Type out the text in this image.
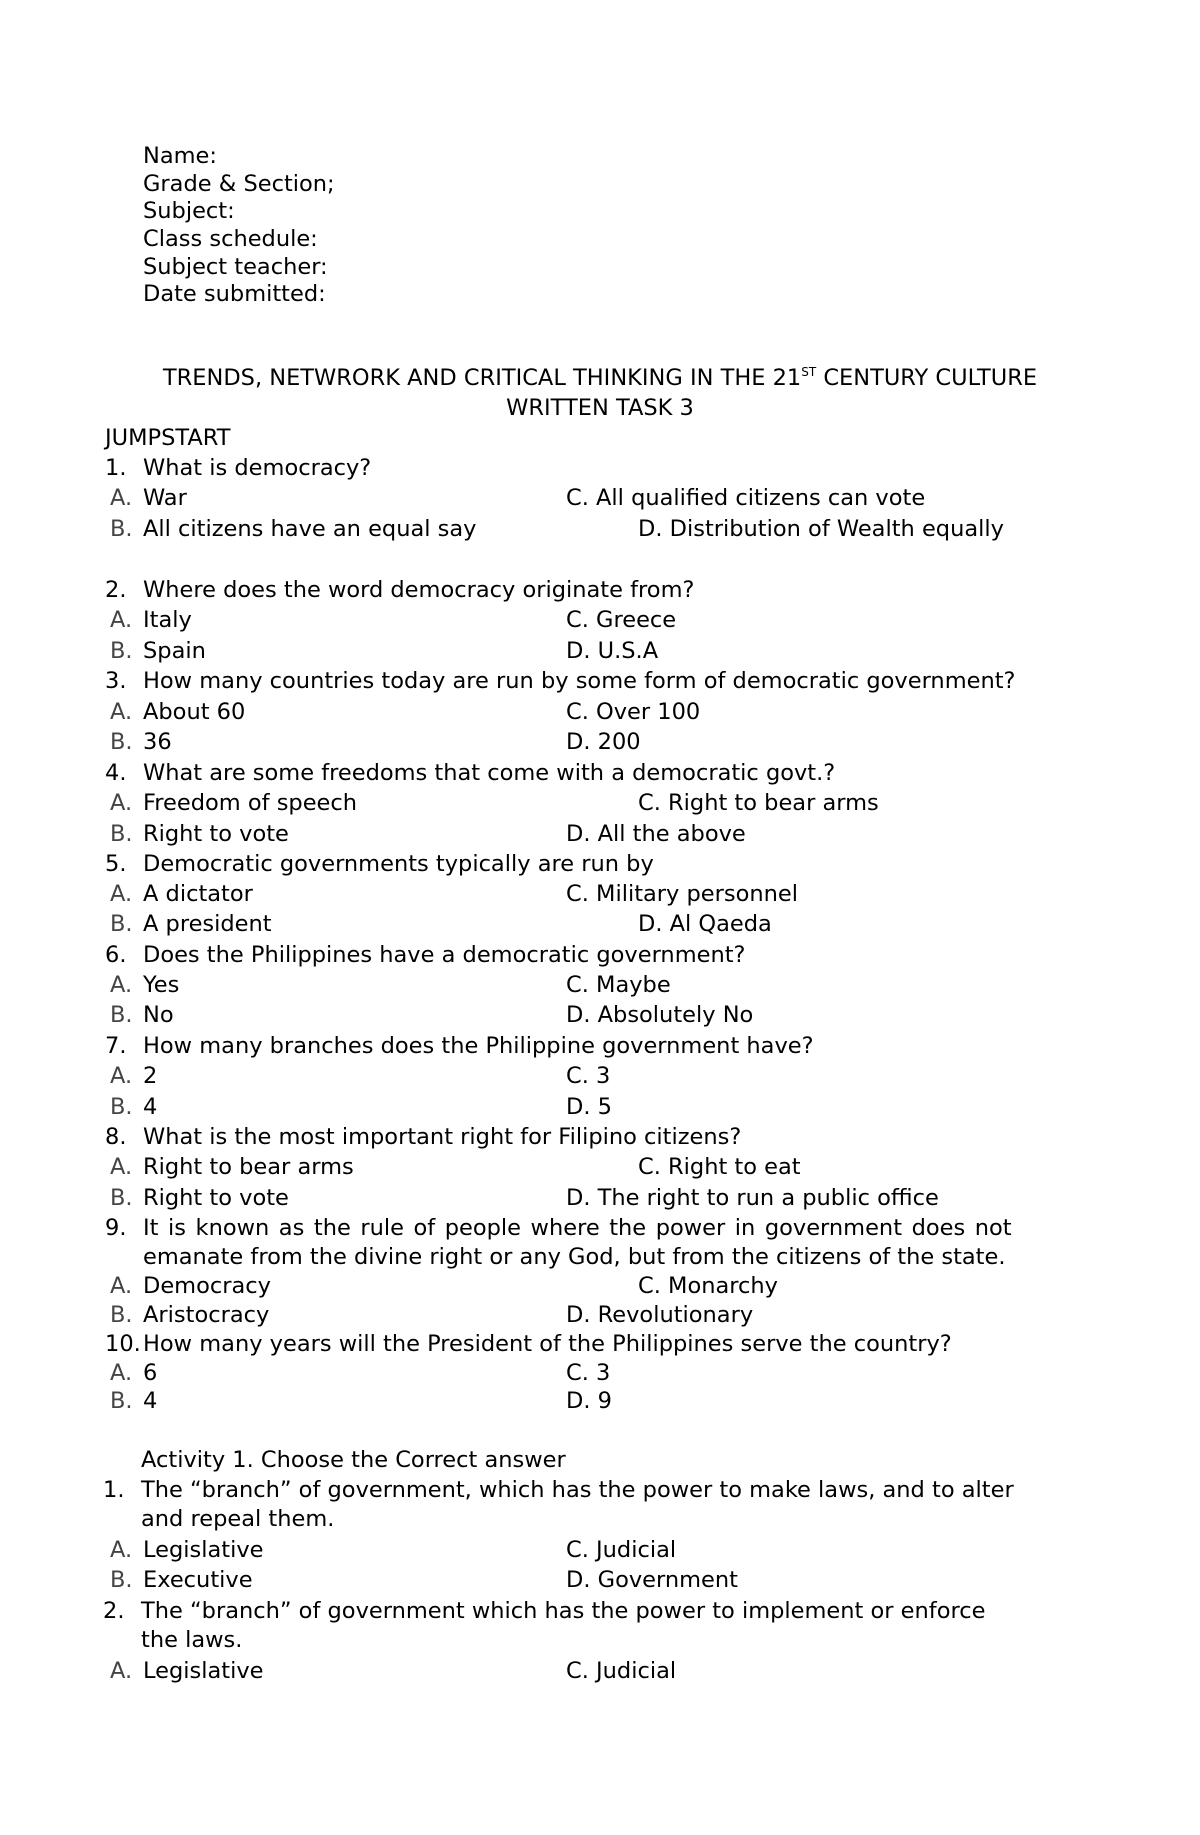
Name:
Grade & Section;
Subject:
Class schedule:
Subject teacher:
Date submitted:
TRENDS, NETWRORK AND CRITICAL THINKING IN THE 21ST CENTURY CULTURE
WRITTEN TASK 3
JUMPSTART
1. What is democracy?
A. War	C. All qualified citizens can vote
B. All citizens have an equal say	D. Distribution of Wealth equally
2. Where does the word democracy originate from?
A. Italy	C. Greece
B. Spain	D. U.S.A
3. How many countries today are run by some form of democratic government?
A. About 60	C. Over 100
B. 36	D. 200
4. What are some freedoms that come with a democratic govt.?
A. Freedom of speech	C. Right to bear arms
B. Right to vote	D. All the above
5. Democratic governments typically are run by
A. A dictator	C. Military personnel
B. A president	D. Al Qaeda
6. Does the Philippines have a democratic government?
A. Yes	C. Maybe
B. No	D. Absolutely No
7. How many branches does the Philippine government have?
A. 2	C. 3
B. 4	D. 5
8. What is the most important right for Filipino citizens?
A. Right to bear arms	C. Right to eat
B. Right to vote	D. The right to run a public office
9. It is known as the rule of people where the power in government does not
emanate from the divine right or any God, but from the citizens of the state.
A. Democracy	C. Monarchy
B. Aristocracy	D. Revolutionary
10. How many years will the President of the Philippines serve the country?
A. 6	C. 3
B. 4	D. 9
Activity 1. Choose the Correct answer
1. The “branch” of government, which has the power to make laws, and to alter
and repeal them.
A. Legislative	C. Judicial
B. Executive	D. Government
2. The “branch” of government which has the power to implement or enforce
the laws.
A. Legislative	C. Judicial
